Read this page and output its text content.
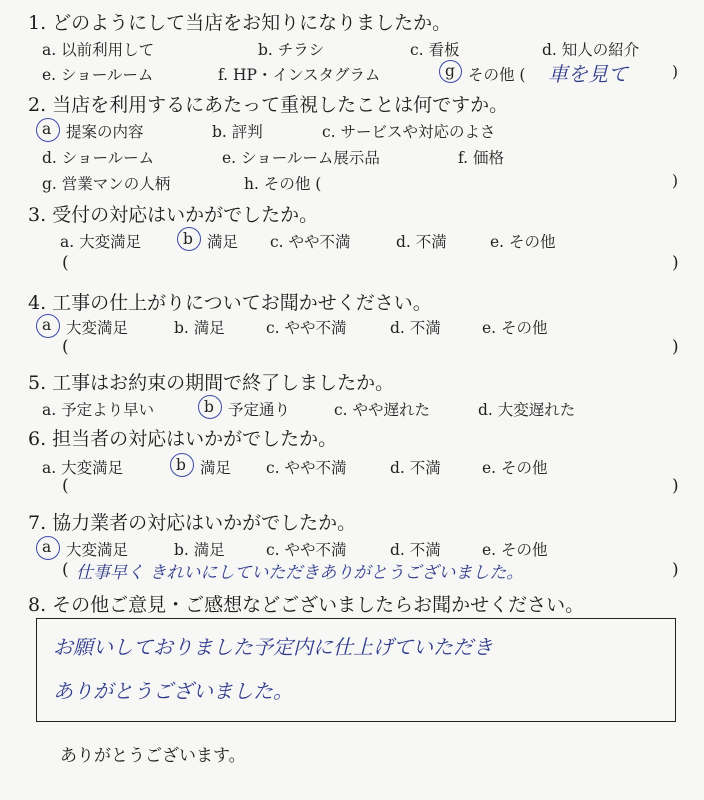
1. どのようにして当店をお知りになりましたか。
a. 以前利用して	b. チラシ	c. 看板	d. 知人の紹介
e. ショールーム	f. HP・インスタグラム	g その他 ( 車を見て	)
2. 当店を利用するにあたって重視したことは何ですか。
a 提案の内容	b. 評判	c. サービスや対応のよさ
d. ショールーム	e. ショールーム展示品	f. 価格
g. 営業マンの人柄	h. その他 (	)
3. 受付の対応はいかがでしたか。
a. 大変満足	b 満足 c. やや不満	d. 不満	e. その他
(	)
4. 工事の仕上がりについてお聞かせください。
a 大変満足	b. 満足	c. やや不満	d. 不満	e. その他
(	)
5. 工事はお約束の期間で終了しましたか。
a. 予定より早い	b 予定通り	c. やや遅れた	d. 大変遅れた
6. 担当者の対応はいかがでしたか。
a. 大変満足	b 満足 c. やや不満	d. 不満	e. その他
(	)
7. 協力業者の対応はいかがでしたか。
a 大変満足	b. 満足	c. やや不満	d. 不満	e. その他
( 仕事早く きれいにしていただきありがとうございました。	)
8. その他ご意見・ご感想などございましたらお聞かせください。
お願いしておりました予定内に仕上げていただき
ありがとうございました。
ありがとうございます。
